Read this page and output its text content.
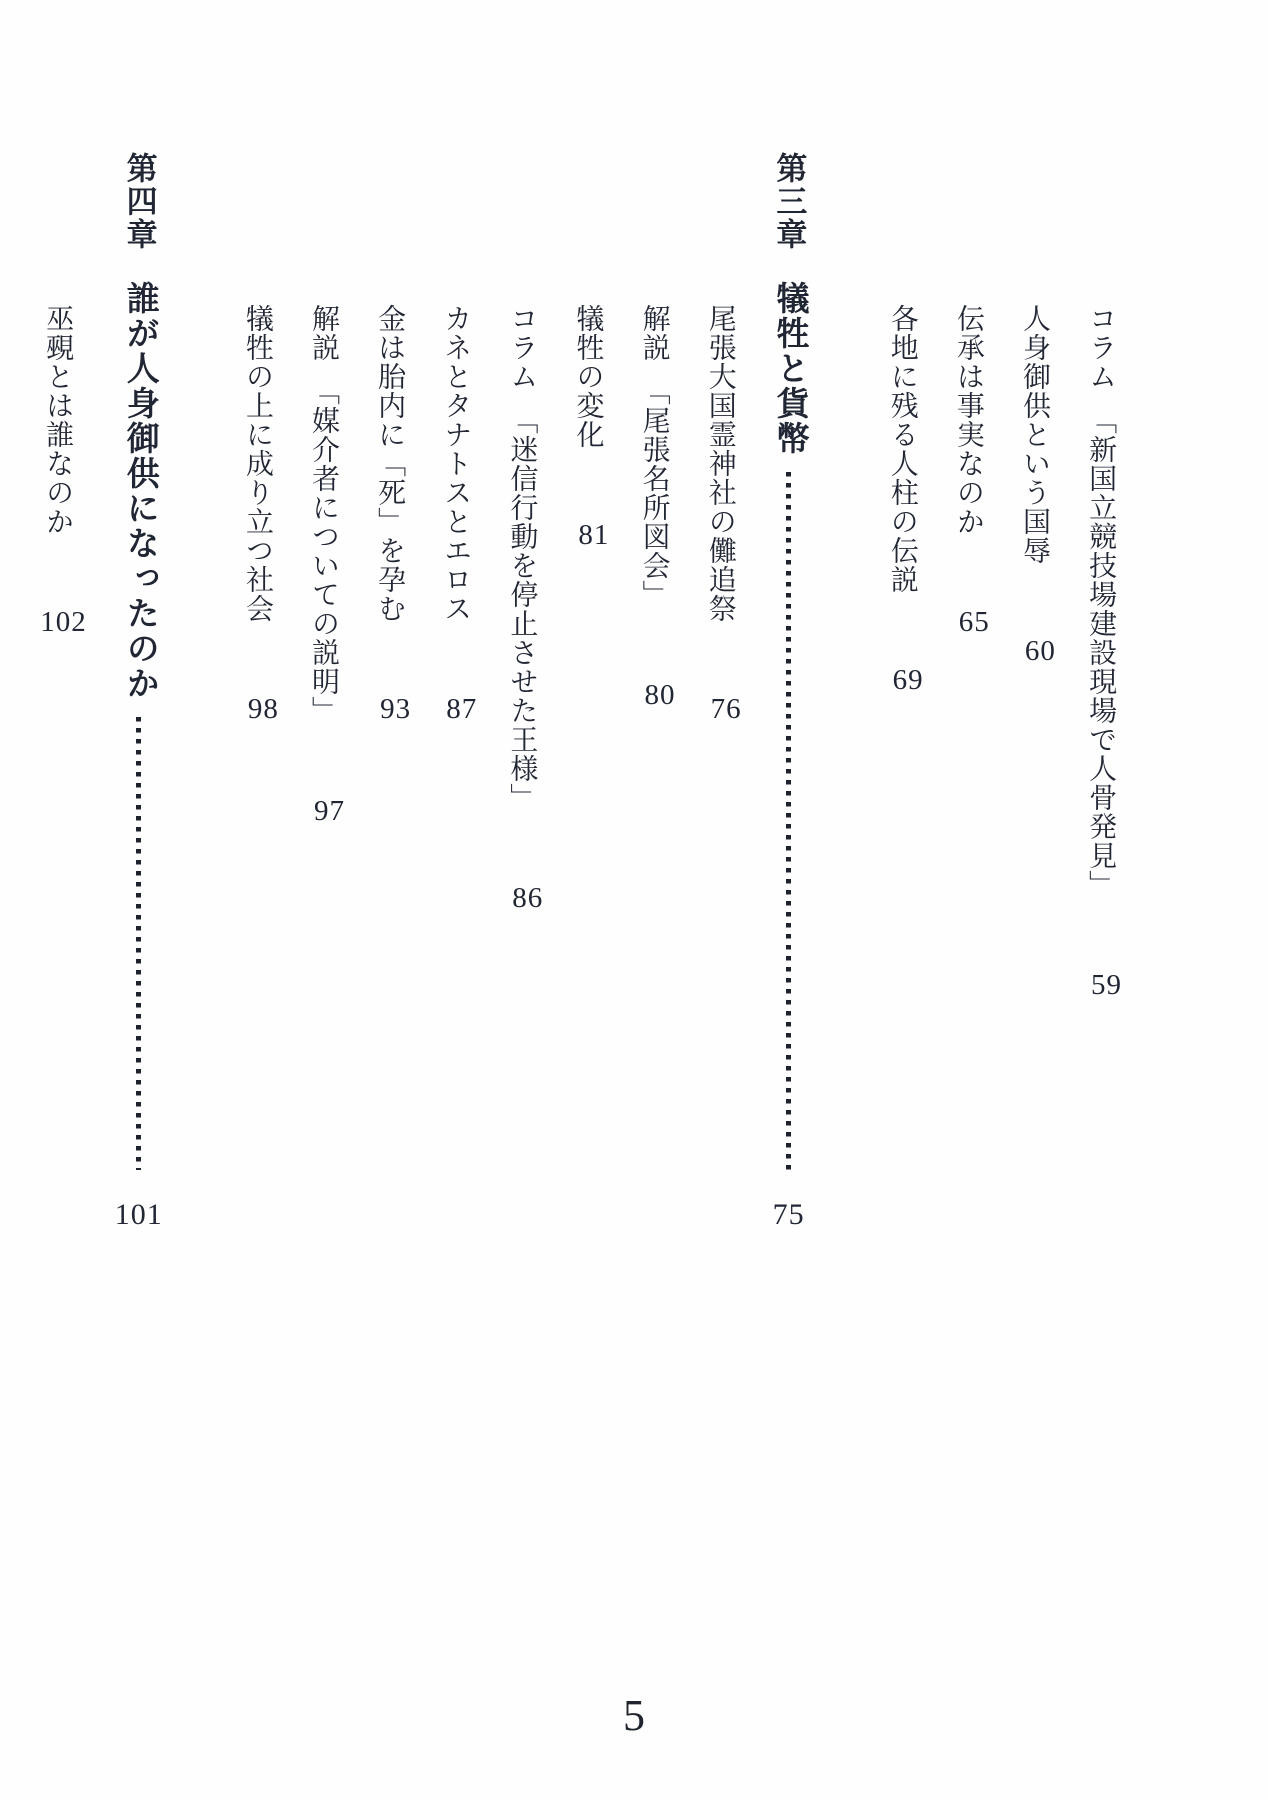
コラム　「新国立競技場建設現場で人骨発見」59
人身御供という国辱60
伝承は事実なのか65
各地に残る人柱の伝説69
第三章
犠牲と貨幣
75
尾張大国霊神社の儺追祭76
解説　「尾張名所図会」80
犠牲の変化81
コラム　「迷信行動を停止させた王様」86
カネとタナトスとエロス87
金は胎内に「死」を孕む93
解説　「媒介者についての説明」97
犠牲の上に成り立つ社会98
第四章
誰が人身御供になったのか
101
巫覡とは誰なのか102
5
